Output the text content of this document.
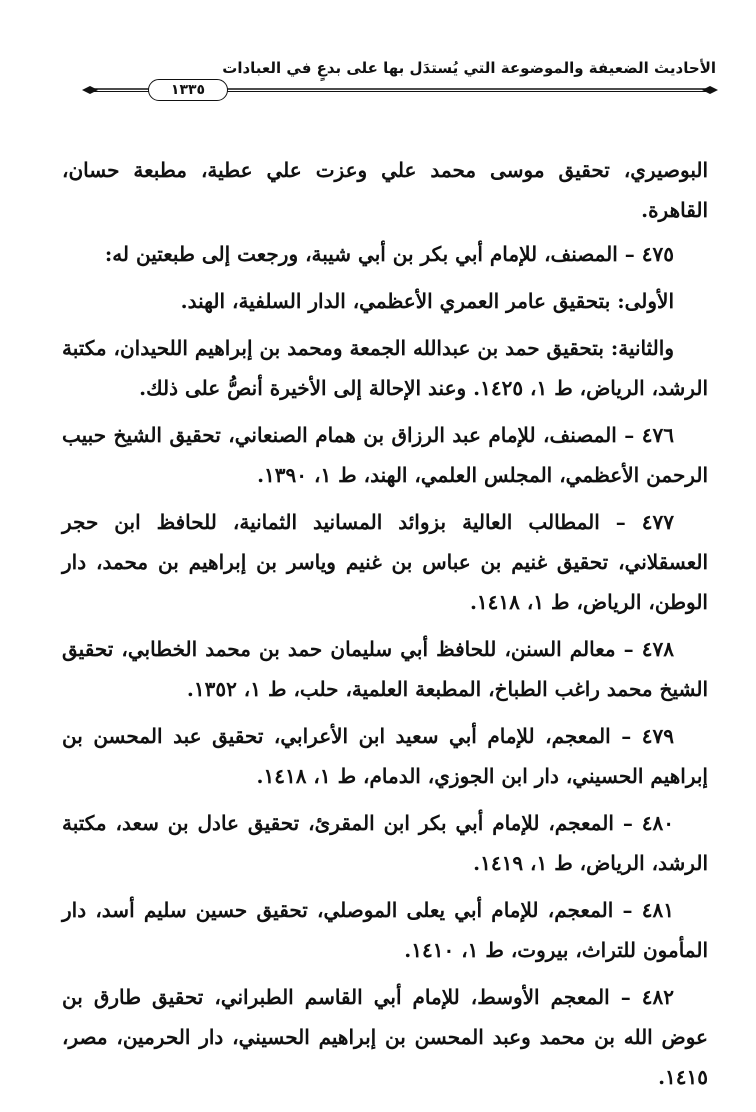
الأحاديث الضعيفة والموضوعة التي يُستدَل بها على بدعٍ في العبادات
١٣٣٥

البوصيري، تحقيق موسى محمد علي وعزت علي عطية، مطبعة حسان، القاهرة.

٤٧٥ – المصنف، للإمام أبي بكر بن أبي شيبة، ورجعت إلى طبعتين له:

الأولى: بتحقيق عامر العمري الأعظمي، الدار السلفية، الهند.

والثانية: بتحقيق حمد بن عبدالله الجمعة ومحمد بن إبراهيم اللحيدان، مكتبة الرشد، الرياض، ط ١، ١٤٢٥. وعند الإحالة إلى الأخيرة أنصُّ على ذلك.

٤٧٦ – المصنف، للإمام عبد الرزاق بن همام الصنعاني، تحقيق الشيخ حبيب الرحمن الأعظمي، المجلس العلمي، الهند، ط ١، ١٣٩٠.

٤٧٧ – المطالب العالية بزوائد المسانيد الثمانية، للحافظ ابن حجر العسقلاني، تحقيق غنيم بن عباس بن غنيم وياسر بن إبراهيم بن محمد، دار الوطن، الرياض، ط ١، ١٤١٨.

٤٧٨ – معالم السنن، للحافظ أبي سليمان حمد بن محمد الخطابي، تحقيق الشيخ محمد راغب الطباخ، المطبعة العلمية، حلب، ط ١، ١٣٥٢.

٤٧٩ – المعجم، للإمام أبي سعيد ابن الأعرابي، تحقيق عبد المحسن بن إبراهيم الحسيني، دار ابن الجوزي، الدمام، ط ١، ١٤١٨.

٤٨٠ – المعجم، للإمام أبي بكر ابن المقرئ، تحقيق عادل بن سعد، مكتبة الرشد، الرياض، ط ١، ١٤١٩.

٤٨١ – المعجم، للإمام أبي يعلى الموصلي، تحقيق حسين سليم أسد، دار المأمون للتراث، بيروت، ط ١، ١٤١٠.

٤٨٢ – المعجم الأوسط، للإمام أبي القاسم الطبراني، تحقيق طارق بن عوض الله بن محمد وعبد المحسن بن إبراهيم الحسيني، دار الحرمين، مصر، ١٤١٥.
